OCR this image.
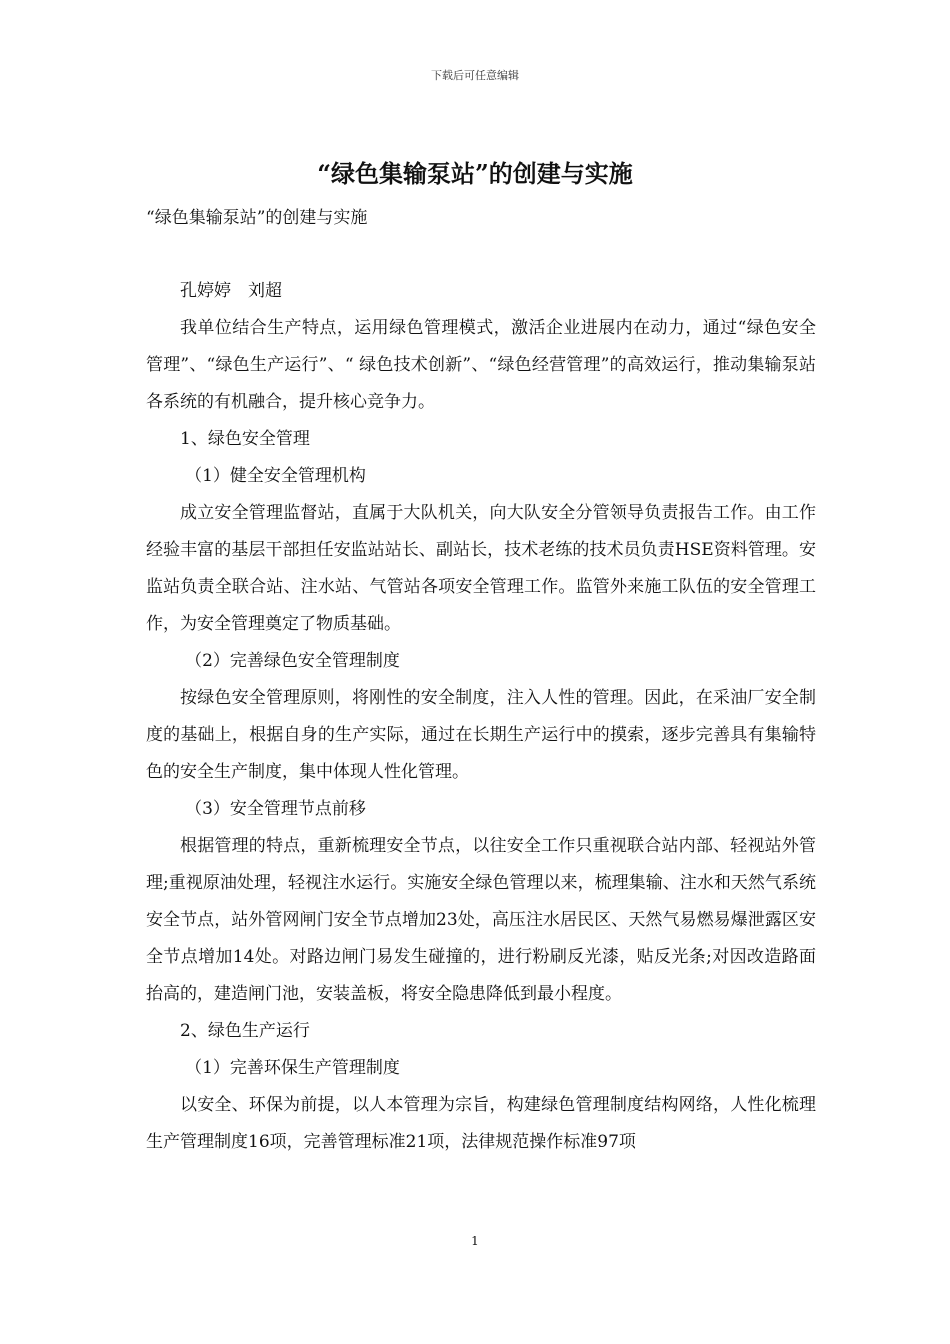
下载后可任意编辑
“绿色集输泵站”的创建与实施
“绿色集输泵站”的创建与实施

孔婷婷　刘超

我单位结合生产特点，运用绿色管理模式，激活企业进展内在动力，通过“绿色安全管理”、“绿色生产运行”、“ 绿色技术创新”、“绿色经营管理”的高效运行，推动集输泵站各系统的有机融合，提升核心竞争力。

1、绿色安全管理

（1）健全安全管理机构

成立安全管理监督站，直属于大队机关，向大队安全分管领导负责报告工作。由工作经验丰富的基层干部担任安监站站长、副站长，技术老练的技术员负责HSE资料管理。安监站负责全联合站、注水站、气管站各项安全管理工作。监管外来施工队伍的安全管理工作，为安全管理奠定了物质基础。

（2）完善绿色安全管理制度

按绿色安全管理原则，将刚性的安全制度，注入人性的管理。因此，在采油厂安全制度的基础上，根据自身的生产实际，通过在长期生产运行中的摸索，逐步完善具有集输特色的安全生产制度，集中体现人性化管理。

（3）安全管理节点前移

根据管理的特点，重新梳理安全节点，以往安全工作只重视联合站内部、轻视站外管理;重视原油处理，轻视注水运行。实施安全绿色管理以来，梳理集输、注水和天然气系统安全节点，站外管网闸门安全节点增加23处，高压注水居民区、天然气易燃易爆泄露区安全节点增加14处。对路边闸门易发生碰撞的，进行粉刷反光漆，贴反光条;对因改造路面抬高的，建造闸门池，安装盖板，将安全隐患降低到最小程度。

2、绿色生产运行

（1）完善环保生产管理制度

以安全、环保为前提，以人本管理为宗旨，构建绿色管理制度结构网络，人性化梳理生产管理制度16项，完善管理标准21项，法律规范操作标准97项

1
